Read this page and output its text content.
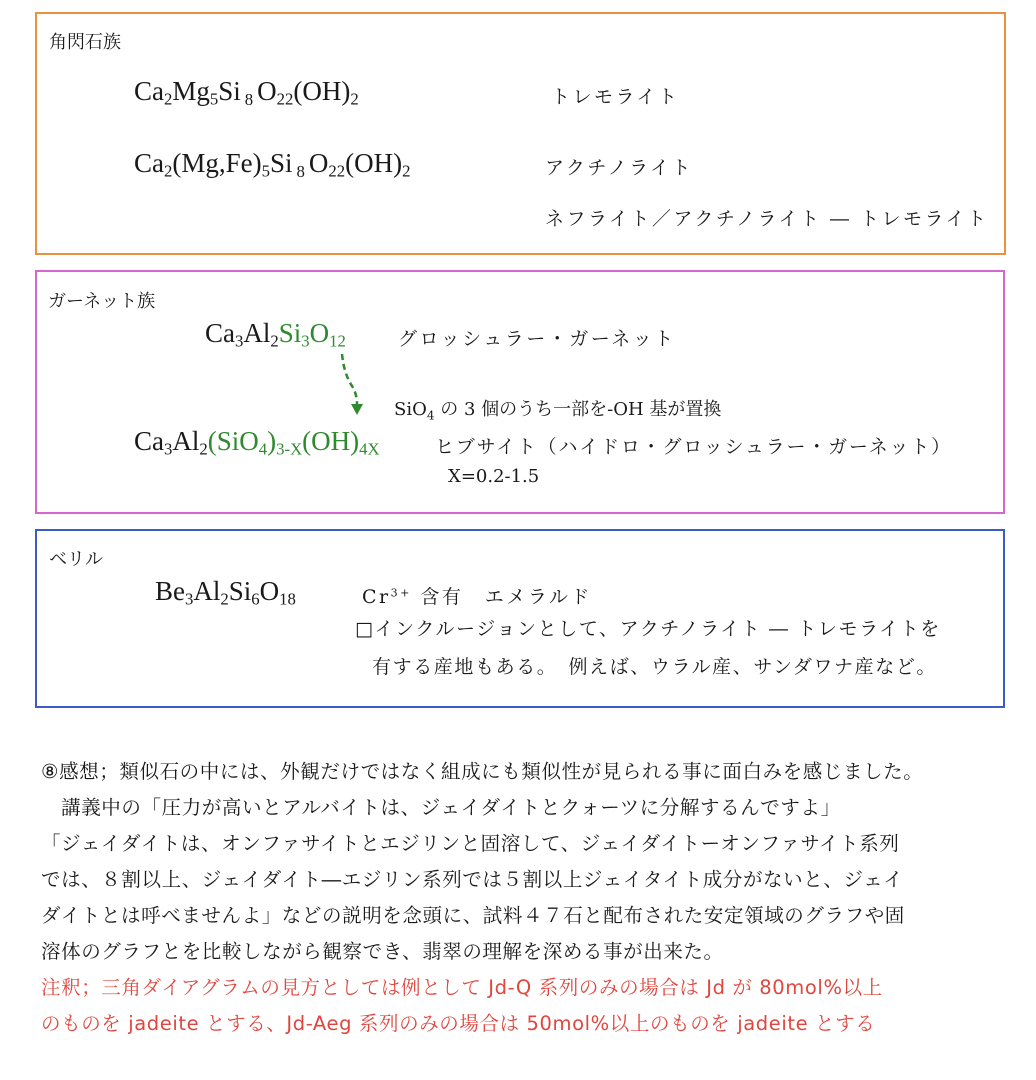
角閃石族
$Ca_2Mg_5Si$ $_8$ $O_{22}(OH)_2$	トレモライト
$Ca_2(Mg,Fe)_5Si$ $_8$ $O_{22}(OH)_2$	アクチノライト
ネフライト／アクチノライト ― トレモライト
ガーネット族
$Ca_3Al_2Si_3O_{12}$	グロッシュラー・ガーネット
SiO$_4$ の 3 個のうち一部を-OH 基が置換
$Ca_3Al_2(SiO_4)_{3-X}(OH)_{4X}$	ヒブサイト（ハイドロ・グロッシュラー・ガーネット）
X=0.2-1.5
ベリル
$Be_3Al_2Si_6O_{18}$	$Cr^{3+}$ 含有　エメラルド
□インクルージョンとして、アクチノライト ― トレモライトを
有する産地もある。　例えば、ウラル産、サンダワナ産など。
⑧感想；類似石の中には、外観だけではなく組成にも類似性が見られる事に面白みを感じました。
　講義中の「圧力が高いとアルバイトは、ジェイダイトとクォーツに分解するんですよ」
「ジェイダイトは、オンファサイトとエジリンと固溶して、ジェイダイトーオンファサイト系列
では、８割以上、ジェイダイト―エジリン系列では５割以上ジェイタイト成分がないと、ジェイ
ダイトとは呼べませんよ」などの説明を念頭に、試料４７石と配布された安定領域のグラフや固
溶体のグラフとを比較しながら観察でき、翡翠の理解を深める事が出来た。
注釈；三角ダイアグラムの見方としては例として Jd-Q 系列のみの場合は Jd が 80mol%以上
のものを jadeite とする、Jd-Aeg 系列のみの場合は 50mol%以上のものを jadeite とする
